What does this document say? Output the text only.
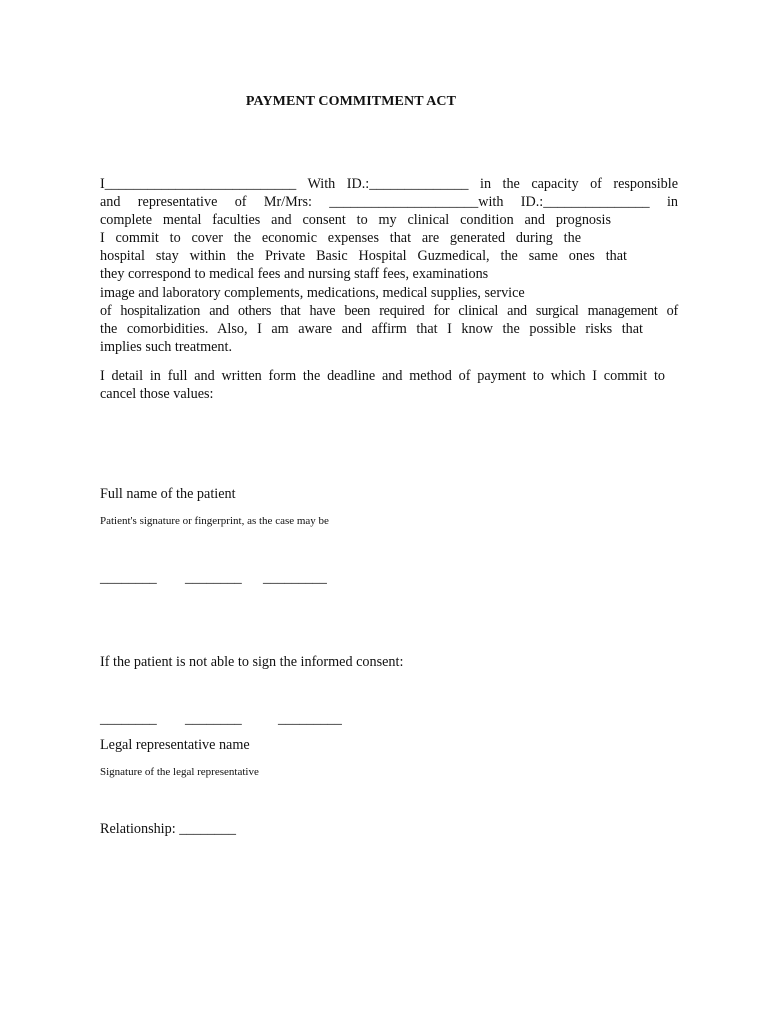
PAYMENT COMMITMENT ACT
I___________________________ With ID.:______________ in the capacity of responsible
and representative of Mr/Mrs: _____________________with ID.:_______________ in
complete mental faculties and consent to my clinical condition and prognosis
I commit to cover the economic expenses that are generated during the
hospital stay within the Private Basic Hospital Guzmedical, the same ones that
they correspond to medical fees and nursing staff fees, examinations
image and laboratory complements, medications, medical supplies, service
of hospitalization and others that have been required for clinical and surgical management of
the comorbidities. Also, I am aware and affirm that I know the possible risks that
implies such treatment.
I detail in full and written form the deadline and method of payment to which I commit to
cancel those values:
Full name of the patient
Patient's signature or fingerprint, as the case may be
________ ________ _________
If the patient is not able to sign the informed consent:
________ ________	_________
Legal representative name
Signature of the legal representative
Relationship: ________
